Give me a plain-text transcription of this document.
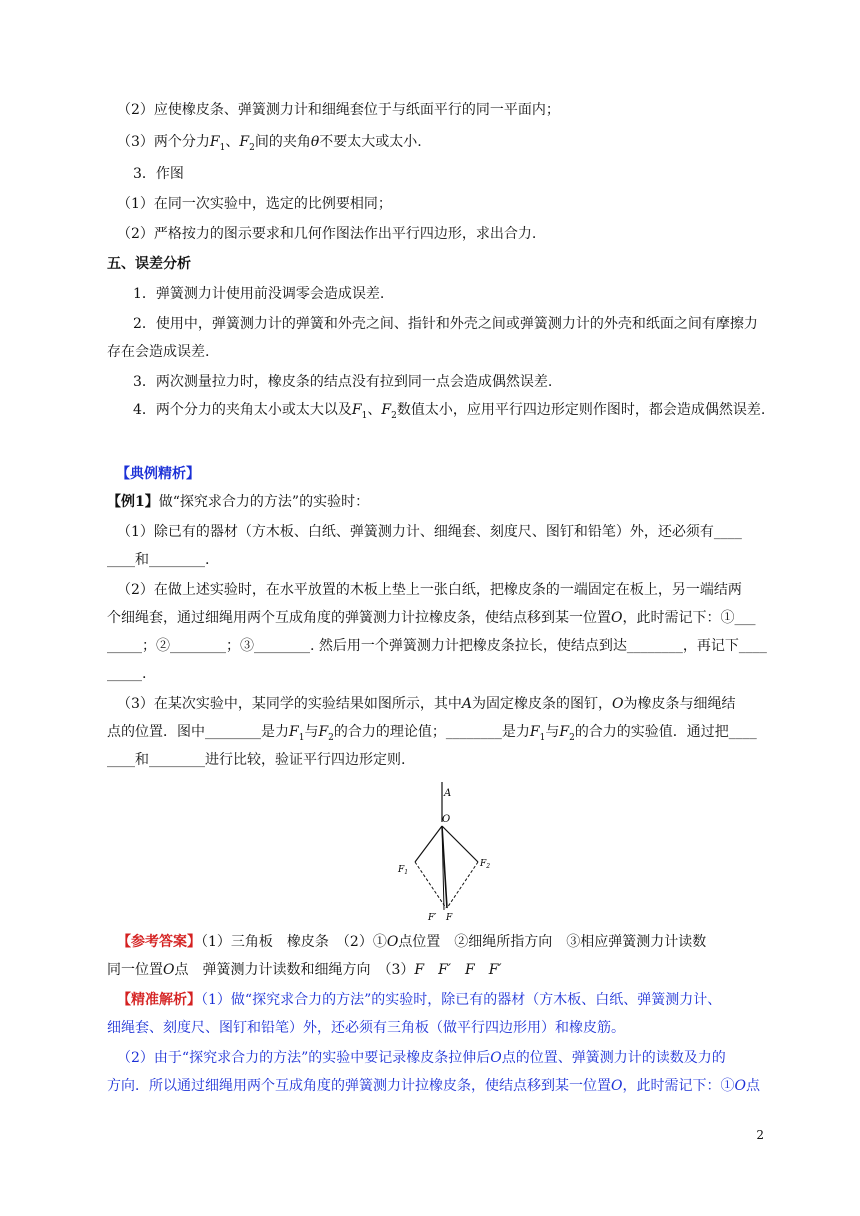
（2）应使橡皮条、弹簧测力计和细绳套位于与纸面平行的同一平面内；
（3）两个分力$F_1$、$F_2$间的夹角θ不要太大或太小.
3．作图
（1）在同一次实验中，选定的比例要相同；
（2）严格按力的图示要求和几何作图法作出平行四边形，求出合力.
五、误差分析
1．弹簧测力计使用前没调零会造成误差.
2．使用中，弹簧测力计的弹簧和外壳之间、指针和外壳之间或弹簧测力计的外壳和纸面之间有摩擦力
存在会造成误差.
3．两次测量拉力时，橡皮条的结点没有拉到同一点会造成偶然误差.
4．两个分力的夹角太小或太大以及$F_1$、$F_2$数值太小，应用平行四边形定则作图时，都会造成偶然误差.
【典例精析】
【例1】做“探究求合力的方法”的实验时：
（1）除已有的器材（方木板、白纸、弹簧测力计、细绳套、刻度尺、图钉和铅笔）外，还必须有____
____和________.
（2）在做上述实验时，在水平放置的木板上垫上一张白纸，把橡皮条的一端固定在板上，另一端结两
个细绳套，通过细绳用两个互成角度的弹簧测力计拉橡皮条，使结点移到某一位置O，此时需记下：①___
_____；②________；③________. 然后用一个弹簧测力计把橡皮条拉长，使结点到达________，再记下____
_____.
（3）在某次实验中，某同学的实验结果如图所示，其中A为固定橡皮条的图钉，O为橡皮条与细绳结
点的位置．图中________是力$F_1$与$F_2$的合力的理论值；________是力$F_1$与$F_2$的合力的实验值．通过把____
____和________进行比较，验证平行四边形定则.
A
O
$F_1$
$F_2$
F′ F
【参考答案】（1）三角板　橡皮条　（2）①O点位置　②细绳所指方向　③相应弹簧测力计读数
同一位置O点　弹簧测力计读数和细绳方向　（3）F　F′　F　F′
【精准解析】（1）做“探究求合力的方法”的实验时，除已有的器材（方木板、白纸、弹簧测力计、
细绳套、刻度尺、图钉和铅笔）外，还必须有三角板（做平行四边形用）和橡皮筋。
（2）由于“探究求合力的方法”的实验中要记录橡皮条拉伸后O点的位置、弹簧测力计的读数及力的
方向．所以通过细绳用两个互成角度的弹簧测力计拉橡皮条，使结点移到某一位置O，此时需记下：①O点
2
